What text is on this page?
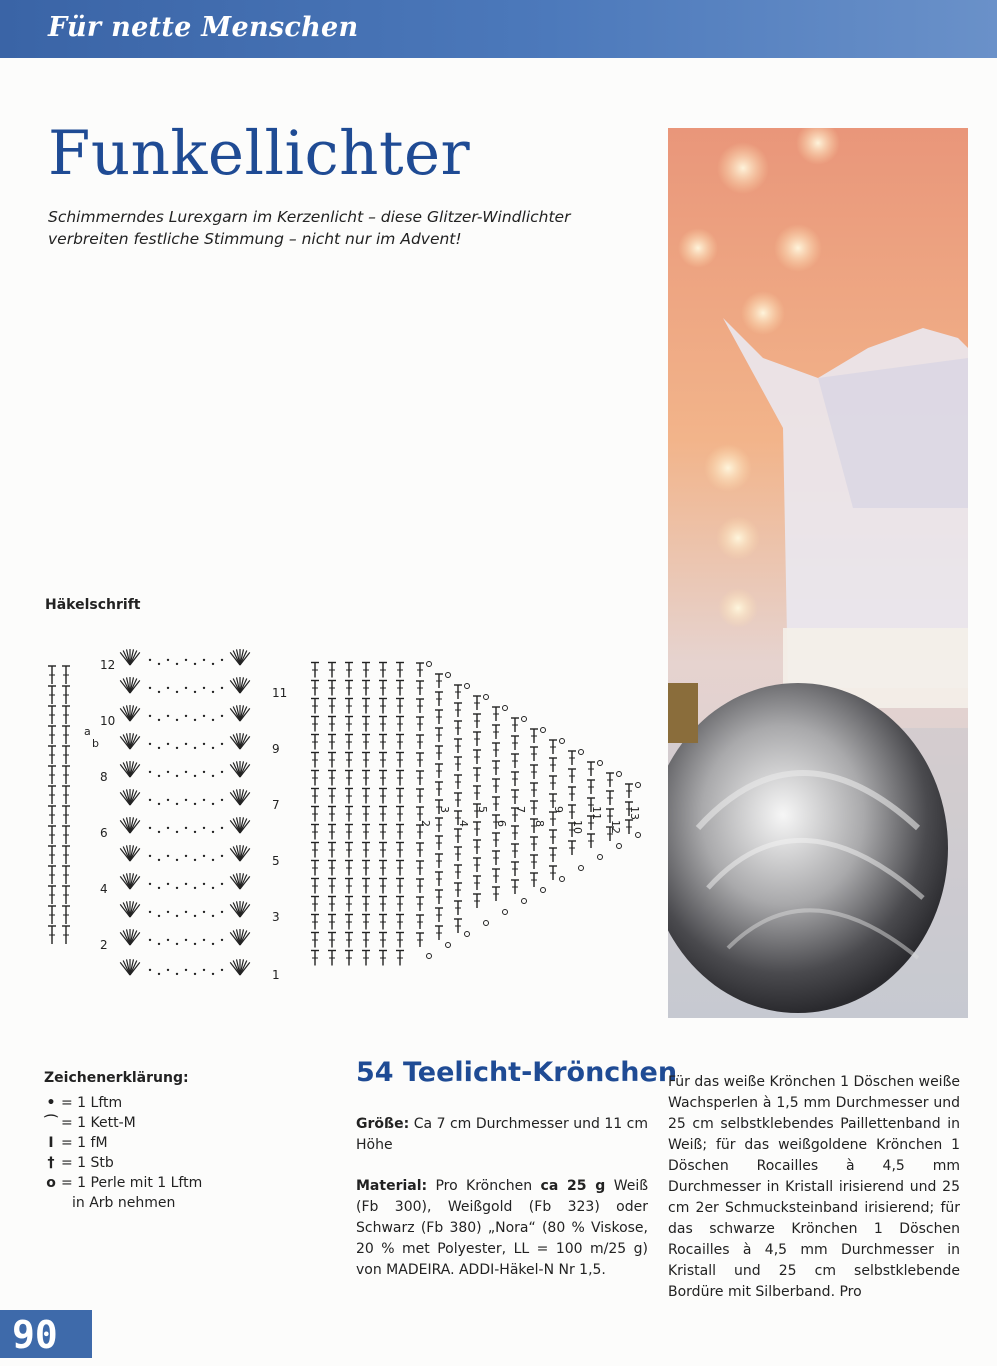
Für nette Menschen
Funkellichter
Schimmerndes Lurexgarn im Kerzenlicht – diese Glitzer-Windlichter verbreiten festliche Stimmung – nicht nur im Advent!
Häkelschrift
1
2
3
4
5
6
7
8
9
10
11
12
2
3
4
5
6
7
8
9
10
11
12
13
a
b
Zeichenerklärung:
• = 1 Lftm
⌒ = 1 Kett-M
I = 1 fM
† = 1 Stb
o = 1 Perle mit 1 Lftm
in Arb nehmen
54 Teelicht-Krönchen

Größe: Ca 7 cm Durchmesser und 11 cm Höhe

Material: Pro Krönchen ca 25 g Weiß (Fb 300), Weißgold (Fb 323) oder Schwarz (Fb 380) „Nora“ (80 % Viskose, 20 % met Polyester, LL = 100 m/25 g) von MADEIRA. ADDI-Häkel-N Nr 1,5.

Für das weiße Krönchen 1 Döschen weiße Wachsperlen à 1,5 mm Durchmesser und 25 cm selbstklebendes Paillettenband in Weiß; für das weißgoldene Krönchen 1 Döschen Rocailles à 4,5 mm Durchmesser in Kristall irisierend und 25 cm 2er Schmucksteinband irisierend; für das schwarze Krönchen 1 Döschen Rocailles à 4,5 mm Durchmesser in Kristall und 25 cm selbstklebende Bordüre mit Silberband. Pro
90
